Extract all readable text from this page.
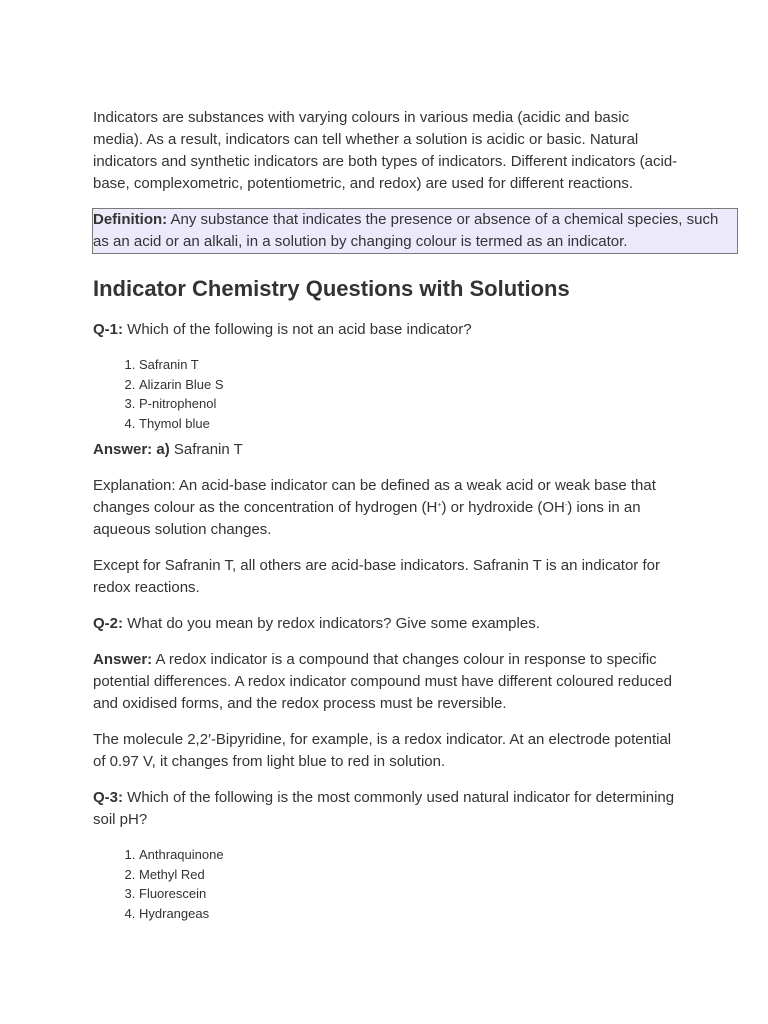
Indicators are substances with varying colours in various media (acidic and basic media). As a result, indicators can tell whether a solution is acidic or basic. Natural indicators and synthetic indicators are both types of indicators. Different indicators (acid-base, complexometric, potentiometric, and redox) are used for different reactions.

Definition: Any substance that indicates the presence or absence of a chemical species, such as an acid or an alkali, in a solution by changing colour is termed as an indicator.
Indicator Chemistry Questions with Solutions

Q-1: Which of the following is not an acid base indicator?

1. Safranin T
2. Alizarin Blue S
3. P-nitrophenol
4. Thymol blue

Answer: a) Safranin T

Explanation: An acid-base indicator can be defined as a weak acid or weak base that changes colour as the concentration of hydrogen (H+) or hydroxide (OH-) ions in an aqueous solution changes.

Except for Safranin T, all others are acid-base indicators. Safranin T is an indicator for redox reactions.

Q-2: What do you mean by redox indicators? Give some examples.

Answer: A redox indicator is a compound that changes colour in response to specific potential differences. A redox indicator compound must have different coloured reduced and oxidised forms, and the redox process must be reversible.

The molecule 2,2′-Bipyridine, for example, is a redox indicator. At an electrode potential of 0.97 V, it changes from light blue to red in solution.

Q-3: Which of the following is the most commonly used natural indicator for determining soil pH?

1. Anthraquinone
2. Methyl Red
3. Fluorescein
4. Hydrangeas
